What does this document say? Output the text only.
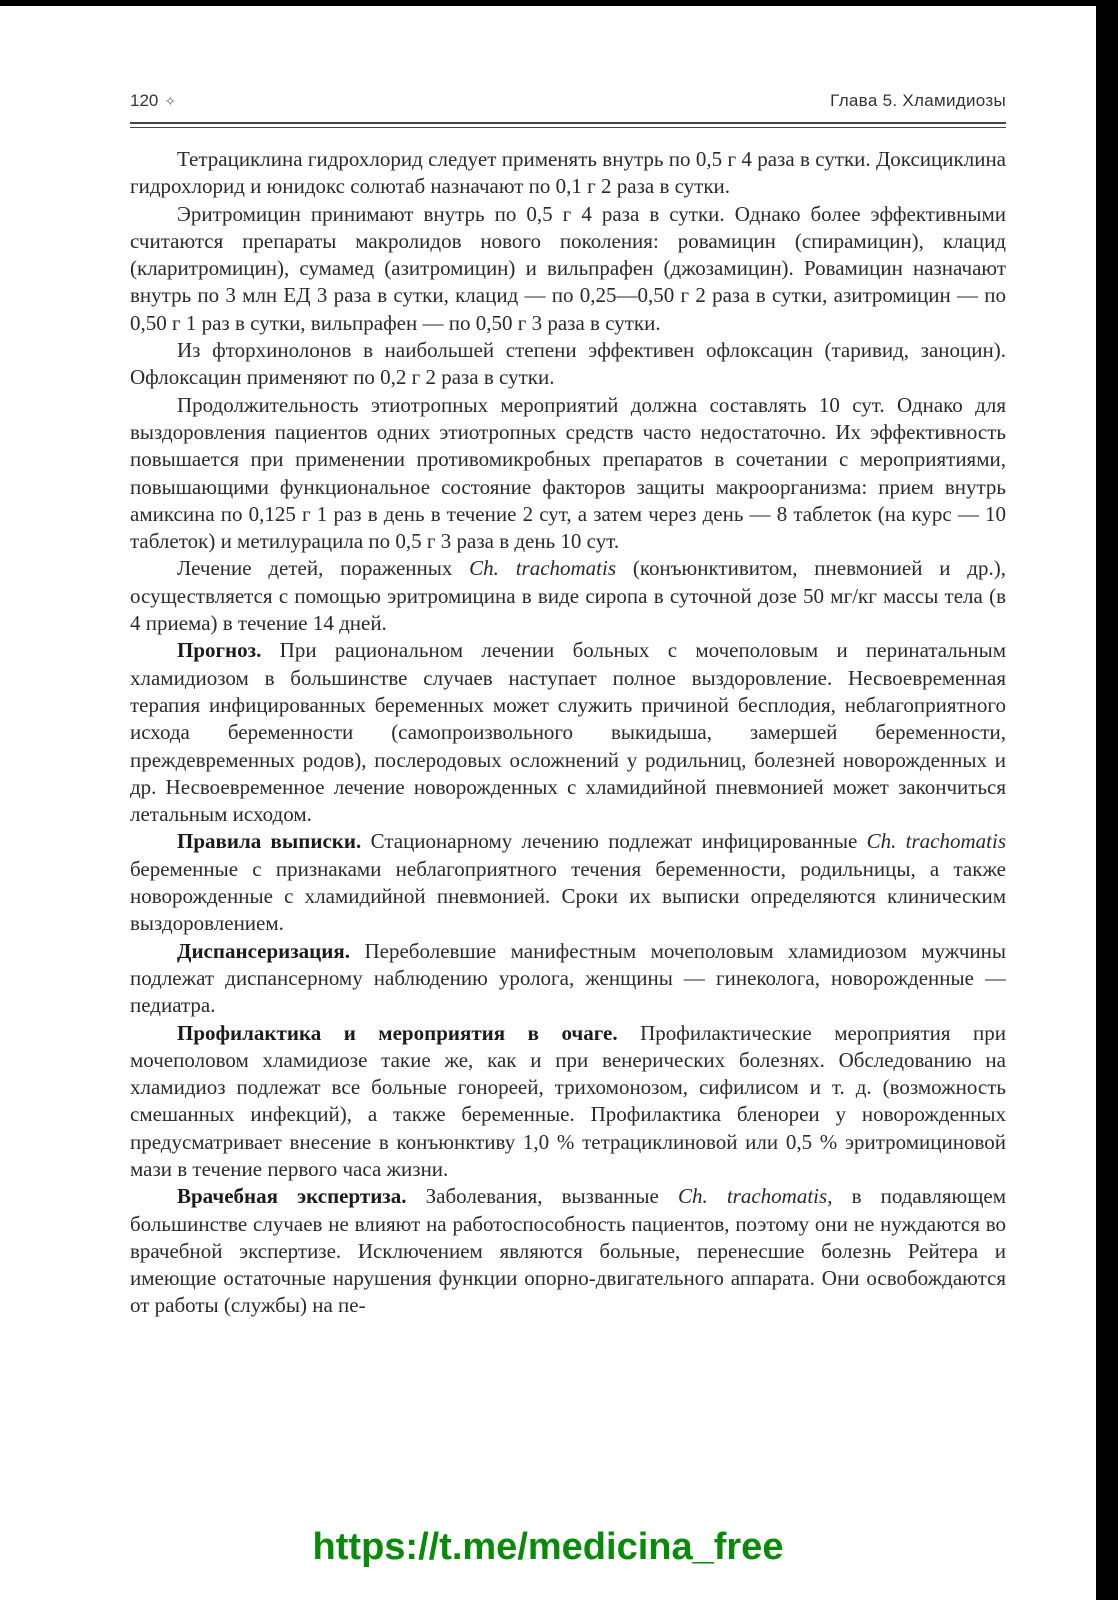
120 ✧	Глава 5. Хламидиозы

Тетрациклина гидрохлорид следует применять внутрь по 0,5 г 4 раза в сутки. Доксициклина гидрохлорид и юнидокс солютаб назначают по 0,1 г 2 раза в сутки.

Эритромицин принимают внутрь по 0,5 г 4 раза в сутки. Однако более эффективными считаются препараты макролидов нового поколения: ровамицин (спирамицин), клацид (кларитромицин), сумамед (азитромицин) и вильпрафен (джозамицин). Ровамицин назначают внутрь по 3 млн ЕД 3 раза в сутки, клацид — по 0,25—0,50 г 2 раза в сутки, азитромицин — по 0,50 г 1 раз в сутки, вильпрафен — по 0,50 г 3 раза в сутки.

Из фторхинолонов в наибольшей степени эффективен офлоксацин (таривид, заноцин). Офлоксацин применяют по 0,2 г 2 раза в сутки.

Продолжительность этиотропных мероприятий должна составлять 10 сут. Однако для выздоровления пациентов одних этиотропных средств часто недостаточно. Их эффективность повышается при применении противомикробных препаратов в сочетании с мероприятиями, повышающими функциональное состояние факторов защиты макроорганизма: прием внутрь амиксина по 0,125 г 1 раз в день в течение 2 сут, а затем через день — 8 таблеток (на курс — 10 таблеток) и метилурацила по 0,5 г 3 раза в день 10 сут.

Лечение детей, пораженных Ch. trachomatis (конъюнктивитом, пневмонией и др.), осуществляется с помощью эритромицина в виде сиропа в суточной дозе 50 мг/кг массы тела (в 4 приема) в течение 14 дней.

Прогноз. При рациональном лечении больных с мочеполовым и перинатальным хламидиозом в большинстве случаев наступает полное выздоровление. Несвоевременная терапия инфицированных беременных может служить причиной бесплодия, неблагоприятного исхода беременности (самопроизвольного выкидыша, замершей беременности, преждевременных родов), послеродовых осложнений у родильниц, болезней новорожденных и др. Несвоевременное лечение новорожденных с хламидийной пневмонией может закончиться летальным исходом.

Правила выписки. Стационарному лечению подлежат инфицированные Ch. trachomatis беременные с признаками неблагоприятного течения беременности, родильницы, а также новорожденные с хламидийной пневмонией. Сроки их выписки определяются клиническим выздоровлением.

Диспансеризация. Переболевшие манифестным мочеполовым хламидиозом мужчины подлежат диспансерному наблюдению уролога, женщины — гинеколога, новорожденные — педиатра.

Профилактика и мероприятия в очаге. Профилактические мероприятия при мочеполовом хламидиозе такие же, как и при венерических болезнях. Обследованию на хламидиоз подлежат все больные гонореей, трихомонозом, сифилисом и т. д. (возможность смешанных инфекций), а также беременные. Профилактика бленореи у новорожденных предусматривает внесение в конъюнктиву 1,0 % тетрациклиновой или 0,5 % эритромициновой мази в течение первого часа жизни.

Врачебная экспертиза. Заболевания, вызванные Ch. trachomatis, в подавляющем большинстве случаев не влияют на работоспособность пациентов, поэтому они не нуждаются во врачебной экспертизе. Исключением являются больные, перенесшие болезнь Рейтера и имеющие остаточные нарушения функции опорно-двигательного аппарата. Они освобождаются от работы (службы) на пе-

https://t.me/medicina_free
